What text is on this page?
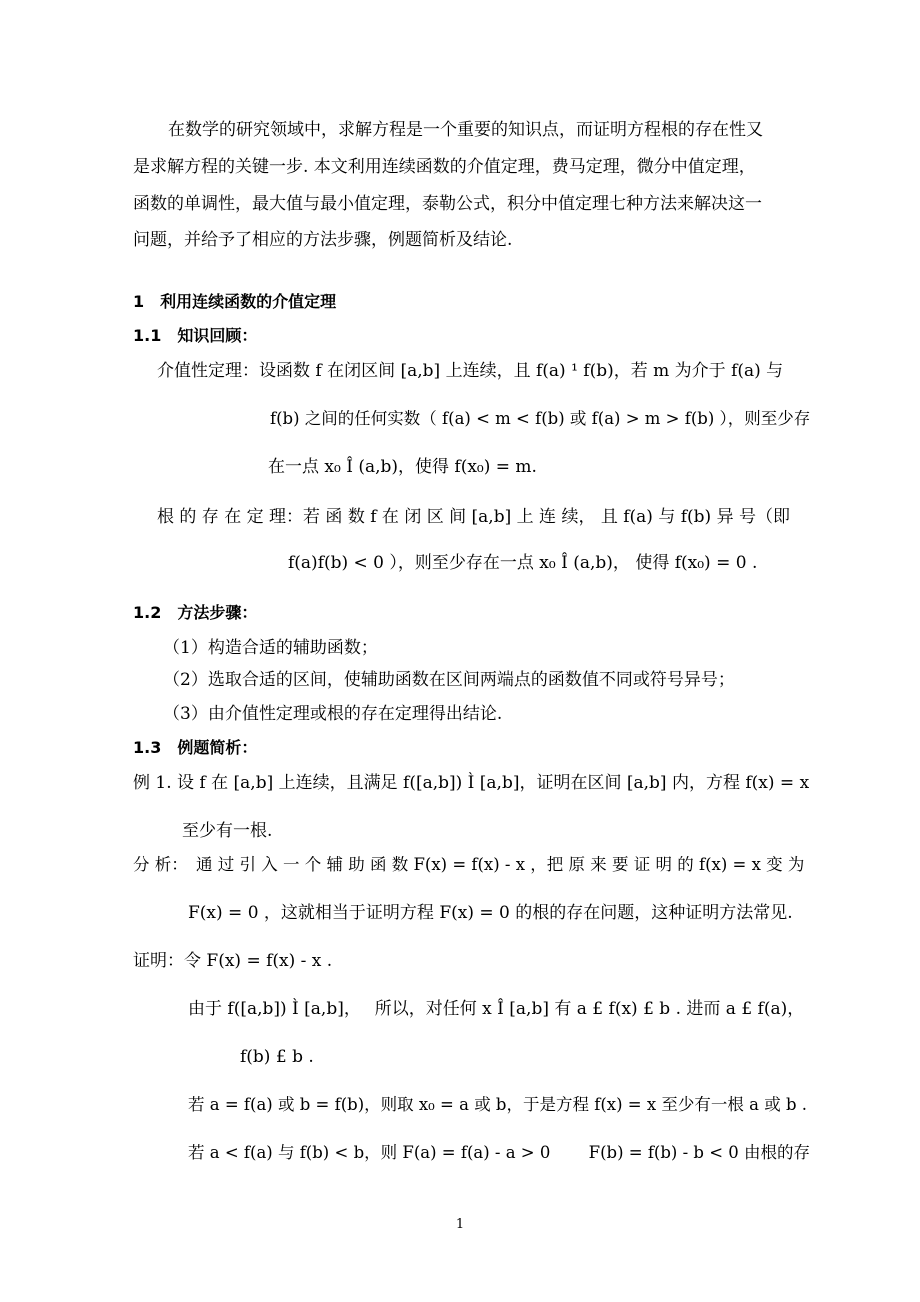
在数学的研究领域中，求解方程是一个重要的知识点，而证明方程根的存在性又
是求解方程的关键一步. 本文利用连续函数的介值定理，费马定理，微分中值定理，
函数的单调性，最大值与最小值定理，泰勒公式，积分中值定理七种方法来解决这一
问题，并给予了相应的方法步骤，例题简析及结论.
1　利用连续函数的介值定理
1.1　知识回顾：
介值性定理：设函数 f 在闭区间 [a,b] 上连续，且 f(a) ¹ f(b)，若 m 为介于 f(a) 与
f(b) 之间的任何实数（ f(a) < m < f(b) 或 f(a) > m > f(b) ），则至少存
在一点 x₀ Î (a,b)，使得 f(x₀) = m.
根 的 存 在 定 理：若 函 数 f 在 闭 区 间 [a,b] 上 连 续， 且 f(a) 与 f(b) 异 号（即
f(a)f(b) < 0 ），则至少存在一点 x₀ Î (a,b)， 使得 f(x₀) = 0 .
1.2　方法步骤：
（1）构造合适的辅助函数；
（2）选取合适的区间，使辅助函数在区间两端点的函数值不同或符号异号；
（3）由介值性定理或根的存在定理得出结论.
1.3　例题简析：
例 1. 设 f 在 [a,b] 上连续，且满足 f([a,b]) Ì [a,b]，证明在区间 [a,b] 内，方程 f(x) = x
至少有一根.
分 析：　通 过 引 入 一 个 辅 助 函 数 F(x) = f(x) - x ，把 原 来 要 证 明 的 f(x) = x 变 为
F(x) = 0 ，这就相当于证明方程 F(x) = 0 的根的存在问题，这种证明方法常见.
证明：令 F(x) = f(x) - x .
由于 f([a,b]) Ì [a,b]，　 所以，对任何 x Î [a,b] 有 a £ f(x) £ b . 进而 a £ f(a)，
f(b) £ b .
若 a = f(a) 或 b = f(b)，则取 x₀ = a 或 b，于是方程 f(x) = x 至少有一根 a 或 b .
若 a < f(a) 与 f(b) < b，则 F(a) = f(a) - a > 0　　 F(b) = f(b) - b < 0 由根的存
1
